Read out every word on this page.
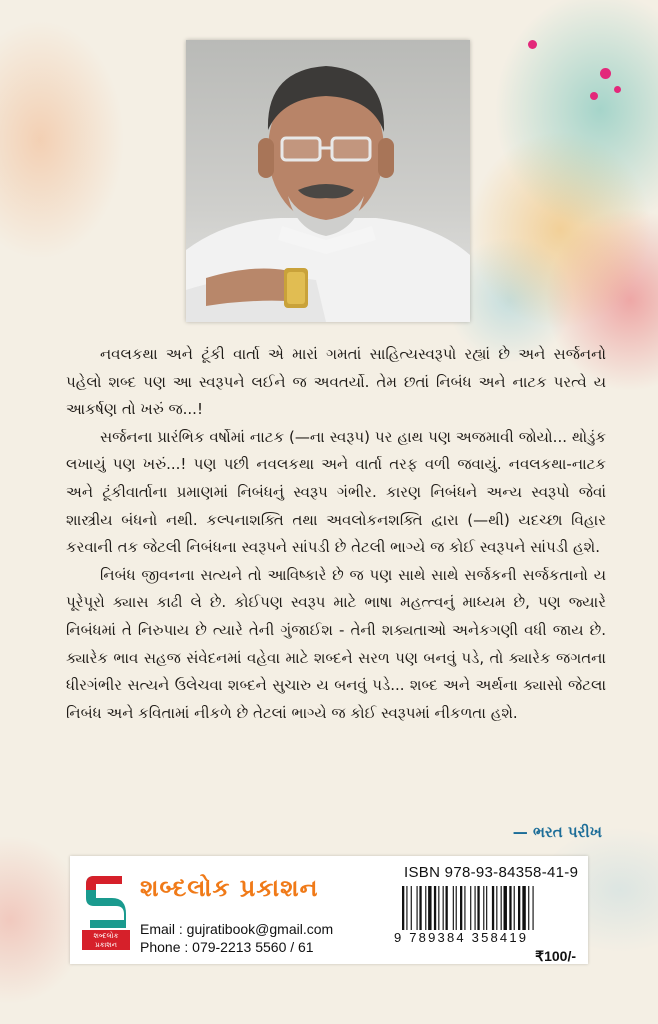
નવલકથા અને ટૂંકી વાર્તા એ મારાં ગમતાં સાહિત્યસ્વરૂપો રહ્યાં છે અને સર્જનનો પહેલો શબ્દ પણ આ સ્વરૂપને લઈને જ અવતર્યો. તેમ છતાં નિબંધ અને નાટક પરત્વે ય આકર્ષણ તો ખરું જ...!

સર્જનના પ્રારંભિક વર્ષોમાં નાટક (—ના સ્વરૂપ) પર હાથ પણ અજમાવી જોયો... થોડુંક લખાયું પણ ખરું...! પણ પછી નવલકથા અને વાર્તા તરફ વળી જવાયું. નવલકથા-નાટક અને ટૂંકીવાર્તાના પ્રમાણમાં નિબંધનું સ્વરૂપ ગંભીર. કારણ નિબંધને અન્ય સ્વરૂપો જેવાં શાસ્ત્રીય બંધનો નથી. કલ્પનાશક્તિ તથા અવલોકનશક્તિ દ્વારા (—થી) યદચ્છા વિહાર કરવાની તક જેટલી નિબંધના સ્વરૂપને સાંપડી છે તેટલી ભાગ્યે જ કોઈ સ્વરૂપને સાંપડી હશે.

નિબંધ જીવનના સત્યને તો આવિષ્કારે છે જ પણ સાથે સાથે સર્જકની સર્જકતાનો ય પૂરેપૂરો ક્યાસ કાઢી લે છે. કોઈપણ સ્વરૂપ માટે ભાષા મહત્ત્વનું માધ્યમ છે, પણ જ્યારે નિબંધમાં તે નિરુપાય છે ત્યારે તેની ગુંજાઈશ - તેની શક્યતાઓ અનેકગણી વધી જાય છે. ક્યારેક ભાવ સહજ સંવેદનમાં વહેવા માટે શબ્દને સરળ પણ બનવું પડે, તો ક્યારેક જગતના ધીરગંભીર સત્યને ઉલેચવા શબ્દને સુચારુ ય બનવું પડે... શબ્દ અને અર્થના ક્યાસો જેટલા નિબંધ અને કવિતામાં નીકળે છે તેટલાં ભાગ્યે જ કોઈ સ્વરૂપમાં નીકળતા હશે.

— ભરત પરીખ
શબ્દલોક
પ્રકાશન
શબ્દલોક પ્રકાશન
Email : gujratibook@gmail.com
Phone : 079-2213 5560 / 61
ISBN 978-93-84358-41-9
9 789384 358419
₹100/-
